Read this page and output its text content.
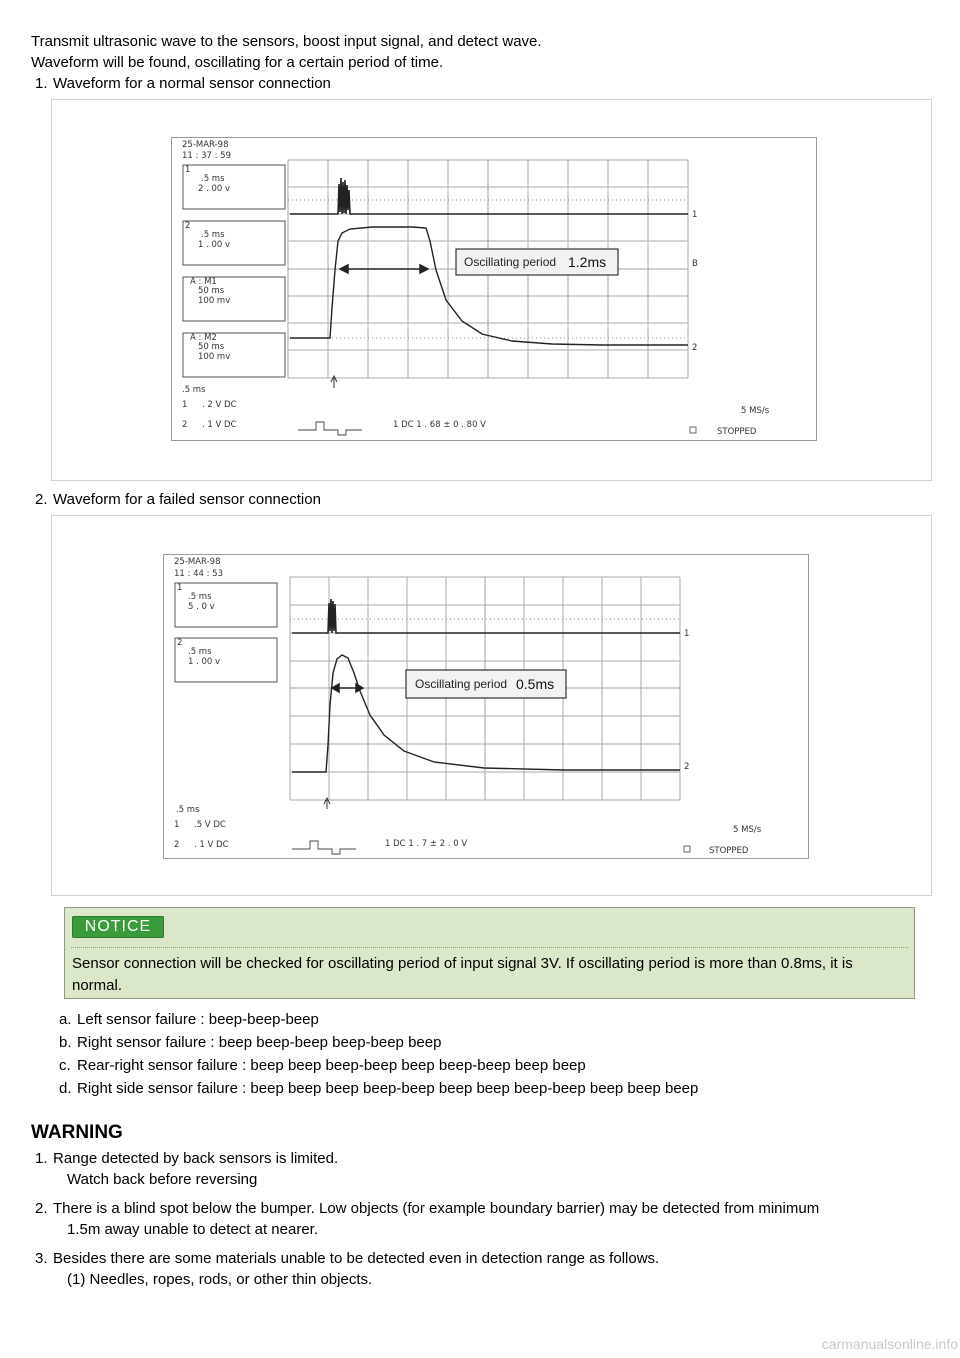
Transmit ultrasonic wave to the sensors, boost input signal, and detect wave.
Waveform will be found, oscillating for a certain period of time.
1. Waveform for a normal sensor connection
Oscillating period 1.2ms
25-MAR-98
11 : 37 : 59
1
.5 ms
2 . 00 v
2
.5 ms
1 . 00 v
A : M1
50 ms
100 mv
A : M2
50 ms
100 mv
1
B
2
.5 ms
1 . 2 V DC
2 . 1 V DC	1 DC 1 . 68 ± 0 . 80 V
5 MS/s
STOPPED
2. Waveform for a failed sensor connection
Oscillating period 0.5ms
25-MAR-98
11 : 44 : 53
1
.5 ms
5 . 0 v
2
.5 ms
1 . 00 v
1
2
.5 ms
1 .5 V DC
2 . 1 V DC	1 DC 1 . 7 ± 2 . 0 V
5 MS/s
STOPPED
NOTICE
Sensor connection will be checked for oscillating period of input signal 3V. If oscillating period is more than 0.8ms, it is normal.
a. Left sensor failure : beep-beep-beep
b. Right sensor failure : beep beep-beep beep-beep beep
c. Rear-right sensor failure : beep beep beep-beep beep beep-beep beep beep
d. Right side sensor failure : beep beep beep beep-beep beep beep beep-beep beep beep beep
WARNING
1. Range detected by back sensors is limited.
Watch back before reversing
2. There is a blind spot below the bumper. Low objects (for example boundary barrier) may be detected from minimum
1.5m away unable to detect at nearer.
3. Besides there are some materials unable to be detected even in detection range as follows.
(1) Needles, ropes, rods, or other thin objects.
carmanualsonline.info
